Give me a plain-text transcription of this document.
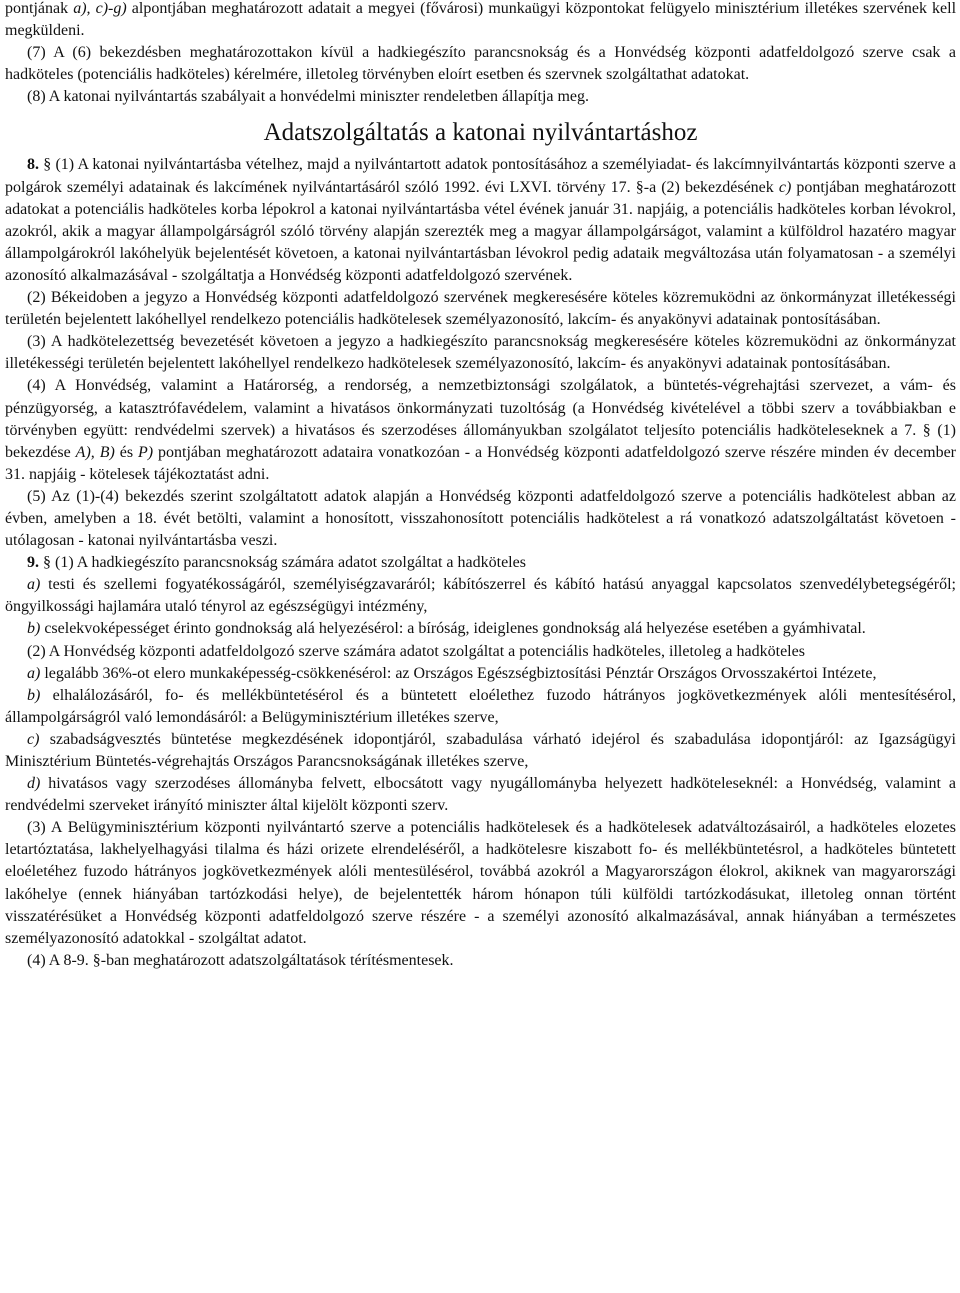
pontjának a), c)-g) alpontjában meghatározott adatait a megyei (fővárosi) munkaügyi központokat felügyelo minisztérium illetékes szervének kell megküldeni.

(7) A (6) bekezdésben meghatározottakon kívül a hadkiegészíto parancsnokság és a Honvédség központi adatfeldolgozó szerve csak a hadköteles (potenciális hadköteles) kérelmére, illetoleg törvényben eloírt esetben és szervnek szolgáltathat adatokat.

(8) A katonai nyilvántartás szabályait a honvédelmi miniszter rendeletben állapítja meg.

Adatszolgáltatás a katonai nyilvántartáshoz

8. § (1) A katonai nyilvántartásba vételhez, majd a nyilvántartott adatok pontosításához a személyiadat- és lakcímnyilvántartás központi szerve a polgárok személyi adatainak és lakcímének nyilvántartásáról szóló 1992. évi LXVI. törvény 17. §-a (2) bekezdésének c) pontjában meghatározott adatokat a potenciális hadköteles korba lépokrol a katonai nyilvántartásba vétel évének január 31. napjáig, a potenciális hadköteles korban lévokrol, azokról, akik a magyar állampolgárságról szóló törvény alapján szerezték meg a magyar állampolgárságot, valamint a külföldrol hazatéro magyar állampolgárokról lakóhelyük bejelentését követoen, a katonai nyilvántartásban lévokrol pedig adataik megváltozása után folyamatosan - a személyi azonosító alkalmazásával - szolgáltatja a Honvédség központi adatfeldolgozó szervének.

(2) Békeidoben a jegyzo a Honvédség központi adatfeldolgozó szervének megkeresésére köteles közremuködni az önkormányzat illetékességi területén bejelentett lakóhellyel rendelkezo potenciális hadkötelesek személyazonosító, lakcím- és anyakönyvi adatainak pontosításában.

(3) A hadkötelezettség bevezetését követoen a jegyzo a hadkiegészíto parancsnokság megkeresésére köteles közremuködni az önkormányzat illetékességi területén bejelentett lakóhellyel rendelkezo hadkötelesek személyazonosító, lakcím- és anyakönyvi adatainak pontosításában.

(4) A Honvédség, valamint a Határorség, a rendorség, a nemzetbiztonsági szolgálatok, a büntetés-végrehajtási szervezet, a vám- és pénzügyorség, a katasztrófavédelem, valamint a hivatásos önkormányzati tuzoltóság (a Honvédség kivételével a többi szerv a továbbiakban e törvényben együtt: rendvédelmi szervek) a hivatásos és szerzodéses állományukban szolgálatot teljesíto potenciális hadköteleseknek a 7. § (1) bekezdése A), B) és P) pontjában meghatározott adataira vonatkozóan - a Honvédség központi adatfeldolgozó szerve részére minden év december 31. napjáig - kötelesek tájékoztatást adni.

(5) Az (1)-(4) bekezdés szerint szolgáltatott adatok alapján a Honvédség központi adatfeldolgozó szerve a potenciális hadkötelest abban az évben, amelyben a 18. évét betölti, valamint a honosított, visszahonosított potenciális hadkötelest a rá vonatkozó adatszolgáltatást követoen - utólagosan - katonai nyilvántartásba veszi.

9. § (1) A hadkiegészíto parancsnokság számára adatot szolgáltat a hadköteles

a) testi és szellemi fogyatékosságáról, személyiségzavaráról; kábítószerrel és kábító hatású anyaggal kapcsolatos szenvedélybetegségéről; öngyilkossági hajlamára utaló tényrol az egészségügyi intézmény,

b) cselekvoképességet érinto gondnokság alá helyezésérol: a bíróság, ideiglenes gondnokság alá helyezése esetében a gyámhivatal.

(2) A Honvédség központi adatfeldolgozó szerve számára adatot szolgáltat a potenciális hadköteles, illetoleg a hadköteles

a) legalább 36%-ot elero munkaképesség-csökkenésérol: az Országos Egészségbiztosítási Pénztár Országos Orvosszakértoi Intézete,

b) elhalálozásáról, fo- és mellékbüntetésérol és a büntetett eloélethez fuzodo hátrányos jogkövetkezmények alóli mentesítésérol, állampolgárságról való lemondásáról: a Belügyminisztérium illetékes szerve,

c) szabadságvesztés büntetése megkezdésének idopontjáról, szabadulása várható idejérol és szabadulása idopontjáról: az Igazságügyi Minisztérium Büntetés-végrehajtás Országos Parancsnokságának illetékes szerve,

d) hivatásos vagy szerzodéses állományba felvett, elbocsátott vagy nyugállományba helyezett hadköteleseknél: a Honvédség, valamint a rendvédelmi szerveket irányító miniszter által kijelölt központi szerv.

(3) A Belügyminisztérium központi nyilvántartó szerve a potenciális hadkötelesek és a hadkötelesek adatváltozásairól, a hadköteles elozetes letartóztatása, lakhelyelhagyási tilalma és házi orizete elrendeléséről, a hadkötelesre kiszabott fo- és mellékbüntetésrol, a hadköteles büntetett eloéletéhez fuzodo hátrányos jogkövetkezmények alóli mentesülésérol, továbbá azokról a Magyarországon élokrol, akiknek van magyarországi lakóhelye (ennek hiányában tartózkodási helye), de bejelentették három hónapon túli külföldi tartózkodásukat, illetoleg onnan történt visszatérésüket a Honvédség központi adatfeldolgozó szerve részére - a személyi azonosító alkalmazásával, annak hiányában a természetes személyazonosító adatokkal - szolgáltat adatot.

(4) A 8-9. §-ban meghatározott adatszolgáltatások térítésmentesek.
